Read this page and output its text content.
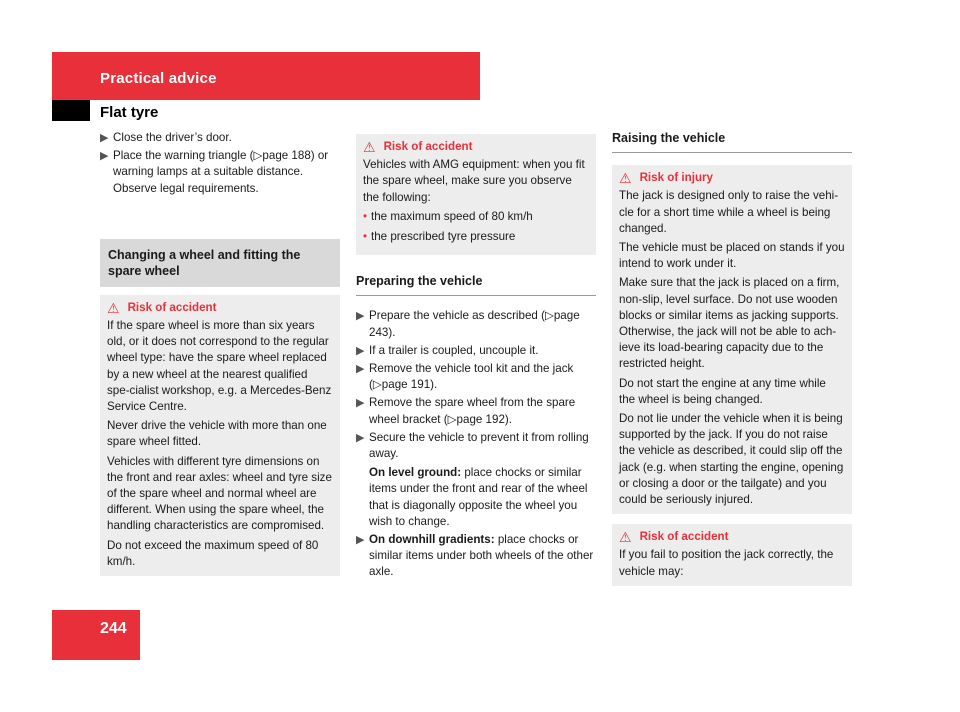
Practical advice
Flat tyre
▶ Close the driver’s door.
▶ Place the warning triangle (▷page 188) or warning lamps at a suitable distance. Observe legal requirements.
Changing a wheel and fitting the spare wheel
⚠ Risk of accident

If the spare wheel is more than six years old, or it does not correspond to the regular wheel type: have the spare wheel replaced by a new wheel at the nearest qualified spe-cialist workshop, e.g. a Mercedes-Benz Service Centre.

Never drive the vehicle with more than one spare wheel fitted.

Vehicles with different tyre dimensions on the front and rear axles: wheel and tyre size of the spare wheel and normal wheel are different. When using the spare wheel, the handling characteristics are compromised.

Do not exceed the maximum speed of 80 km/h.

⚠ Risk of accident

Vehicles with AMG equipment: when you fit the spare wheel, make sure you observe the following:

• the maximum speed of 80 km/h
• the prescribed tyre pressure
Preparing the vehicle
▶ Prepare the vehicle as described (▷page 243).
▶ If a trailer is coupled, uncouple it.
▶ Remove the vehicle tool kit and the jack (▷page 191).
▶ Remove the spare wheel from the spare wheel bracket (▷page 192).
▶ Secure the vehicle to prevent it from rolling away.
On level ground: place chocks or similar items under the front and rear of the wheel that is diagonally opposite the wheel you wish to change.
▶ On downhill gradients: place chocks or similar items under both wheels of the other axle.
Raising the vehicle
⚠ Risk of injury

The jack is designed only to raise the vehi-cle for a short time while a wheel is being changed.

The vehicle must be placed on stands if you intend to work under it.

Make sure that the jack is placed on a firm, non-slip, level surface. Do not use wooden blocks or similar items as jacking supports. Otherwise, the jack will not be able to ach-ieve its load-bearing capacity due to the restricted height.

Do not start the engine at any time while the wheel is being changed.

Do not lie under the vehicle when it is being supported by the jack. If you do not raise the vehicle as described, it could slip off the jack (e.g. when starting the engine, opening or closing a door or the tailgate) and you could be seriously injured.

⚠ Risk of accident

If you fail to position the jack correctly, the vehicle may:

244
